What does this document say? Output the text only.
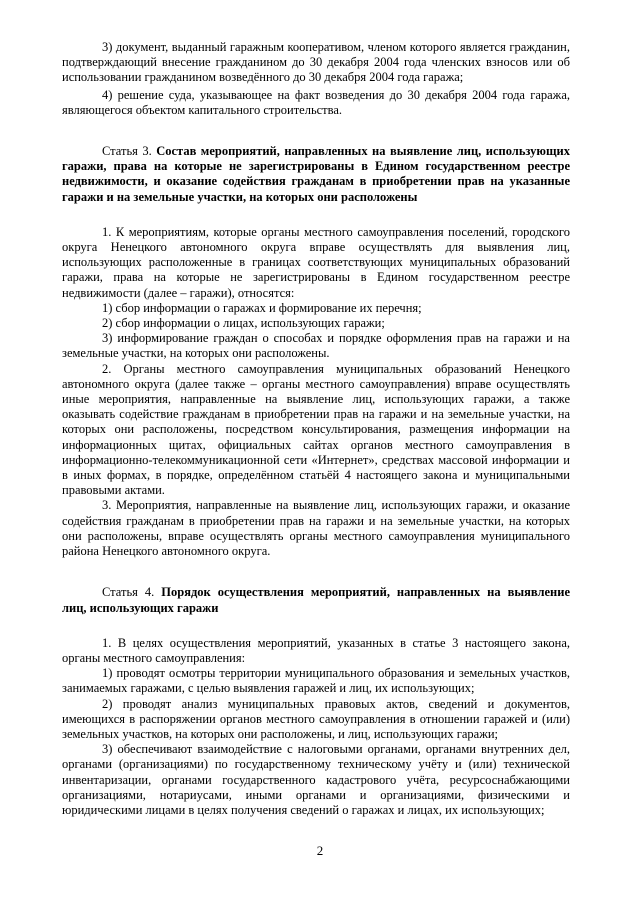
3) документ, выданный гаражным кооперативом, членом которого является гражданин, подтверждающий внесение гражданином до 30 декабря 2004 года членских взносов или об использовании гражданином возведённого до 30 декабря 2004 года гаража;

4) решение суда, указывающее на факт возведения до 30 декабря 2004 года гаража, являющегося объектом капитального строительства.

Статья 3. Состав мероприятий, направленных на выявление лиц, использующих гаражи, права на которые не зарегистрированы в Едином государственном реестре недвижимости, и оказание содействия гражданам в приобретении прав на указанные гаражи и на земельные участки, на которых они расположены

1. К мероприятиям, которые органы местного самоуправления поселений, городского округа Ненецкого автономного округа вправе осуществлять для выявления лиц, использующих расположенные в границах соответствующих муниципальных образований гаражи, права на которые не зарегистрированы в Едином государственном реестре недвижимости (далее – гаражи), относятся:

1) сбор информации о гаражах и формирование их перечня;

2) сбор информации о лицах, использующих гаражи;

3) информирование граждан о способах и порядке оформления прав на гаражи и на земельные участки, на которых они расположены.

2. Органы местного самоуправления муниципальных образований Ненецкого автономного округа (далее также – органы местного самоуправления) вправе осуществлять иные мероприятия, направленные на выявление лиц, использующих гаражи, а также оказывать содействие гражданам в приобретении прав на гаражи и на земельные участки, на которых они расположены, посредством консультирования, размещения информации на информационных щитах, официальных сайтах органов местного самоуправления в информационно-телекоммуникационной сети «Интернет», средствах массовой информации и в иных формах, в порядке, определённом статьёй 4 настоящего закона и муниципальными правовыми актами.

3. Мероприятия, направленные на выявление лиц, использующих гаражи, и оказание содействия гражданам в приобретении прав на гаражи и на земельные участки, на которых они расположены, вправе осуществлять органы местного самоуправления муниципального района Ненецкого автономного округа.

Статья 4. Порядок осуществления мероприятий, направленных на выявление лиц, использующих гаражи

1. В целях осуществления мероприятий, указанных в статье 3 настоящего закона, органы местного самоуправления:

1) проводят осмотры территории муниципального образования и земельных участков, занимаемых гаражами, с целью выявления гаражей и лиц, их использующих;

2) проводят анализ муниципальных правовых актов, сведений и документов, имеющихся в распоряжении органов местного самоуправления в отношении гаражей и (или) земельных участков, на которых они расположены, и лиц, использующих гаражи;

3) обеспечивают взаимодействие с налоговыми органами, органами внутренних дел, органами (организациями) по государственному техническому учёту и (или) технической инвентаризации, органами государственного кадастрового учёта, ресурсоснабжающими организациями, нотариусами, иными органами и организациями, физическими и юридическими лицами в целях получения сведений о гаражах и лицах, их использующих;

2
